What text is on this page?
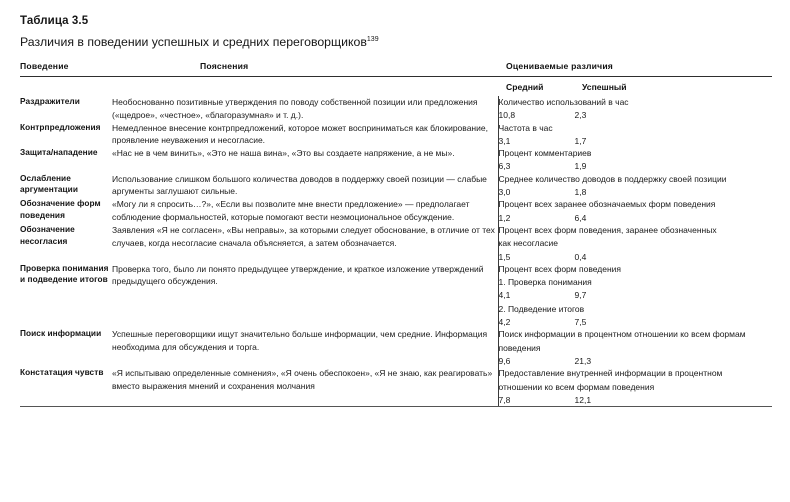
Таблица 3.5
Различия в поведении успешных и средних переговорщиков$^{139}$
Поведение	Пояснения	Оцениваемые различия

		Средний Успешный

Раздражители	Необоснованно позитивные утверждения по поводу собственной позиции или предложения («щедрое», «честное», «благоразумная» и т. д.).	Количество использований в час
10,8 2,3

Контрпредложения	Немедленное внесение контрпредложений, которое может восприниматься как блокирование, проявление неуважения и несогласие.	Частота в час
3,1 1,7

Защита/нападение	«Нас не в чем винить», «Это не наша вина», «Это вы создаете напряжение, а не мы».	Процент комментариев
6,3 1,9

Ослабление аргументации	Использование слишком большого количества доводов в поддержку своей позиции — слабые аргументы заглушают сильные.	Среднее количество доводов в поддержку своей позиции
3,0 1,8

Обозначение форм поведения	«Могу ли я спросить…?», «Если вы позволите мне внести предложение» — предполагает соблюдение формальностей, которые помогают вести неэмоциональное обсуждение.	Процент всех заранее обозначаемых форм поведения
1,2 6,4

Обозначение несогласия	Заявления «Я не согласен», «Вы неправы», за которыми следует обоснование, в отличие от тех случаев, когда несогласие сначала объясняется, а затем обозначается.	Процент всех форм поведения, заранее обозначенных
как несогласие
1,5 0,4

Проверка понимания и подведение итогов	Проверка того, было ли понято предыдущее утверждение, и краткое изложение утверждений предыдущего обсуждения.	
Процент всех форм поведения
1. Проверка понимания
4,1	9,7
2. Подведение итогов
4,2	7,5

Поиск информации	Успешные переговорщики ищут значительно больше информации, чем средние. Информация необходима для обсуждения и торга.	Поиск информации в процентном отношении ко всем формам
поведения
9,6 21,3

Констатация чувств	«Я испытываю определенные сомнения», «Я очень обеспокоен», «Я не знаю, как реагировать» вместо выражения мнений и сохранения молчания	Предоставление внутренней информации в процентном
отношении ко всем формам поведения
7,8 12,1
